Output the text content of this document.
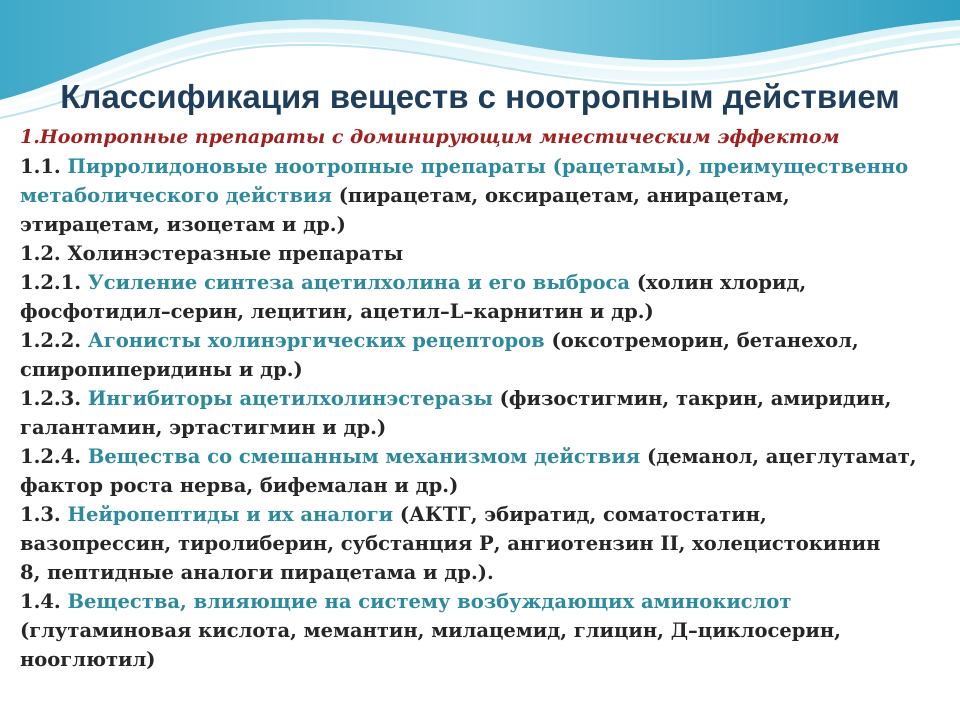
Классификация веществ с ноотропным действием
1.Ноотропные препараты с доминирующим мнестическим эффектом
1.1. Пирролидоновые ноотропные препараты (рацетамы), преимущественно
метаболического действия (пирацетам, оксирацетам, анирацетам,
этирацетам, изоцетам и др.)
1.2. Холинэстеразные препараты
1.2.1. Усиление синтеза ацетилхолина и его выброса (холин хлорид,
фосфотидил–серин, лецитин, ацетил–L–карнитин и др.)
1.2.2. Агонисты холинэргических рецепторов (оксотреморин, бетанехол,
спиропиперидины и др.)
1.2.3. Ингибиторы ацетилхолинэстеразы (физостигмин, такрин, амиридин,
галантамин, эртастигмин и др.)
1.2.4. Вещества со смешанным механизмом действия (деманол, ацеглутамат,
фактор роста нерва, бифемалан и др.)
1.3. Нейропептиды и их аналоги (АКТГ, эбиратид, соматостатин,
вазопрессин, тиролиберин, субстанция Р, ангиотензин II, холецистокинин
8, пептидные аналоги пирацетама и др.).
1.4. Вещества, влияющие на систему возбуждающих аминокислот
(глутаминовая кислота, мемантин, милацемид, глицин, Д–циклосерин,
нооглютил)
